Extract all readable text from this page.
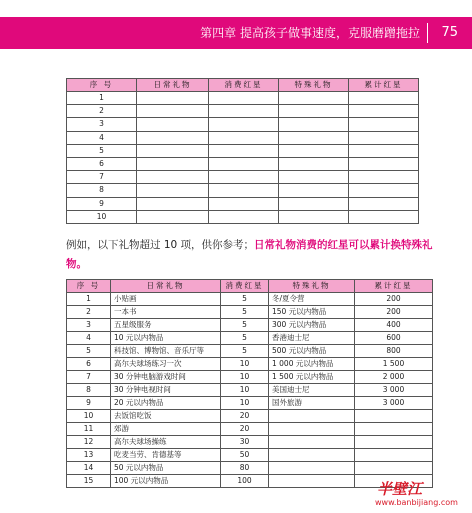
第四章 提高孩子做事速度，克服磨蹭拖拉 75
序 号	日常礼物	消费红星	特殊礼物	累计红星
1				
2				
3				
4				
5				
6				
7				
8				
9				
10				
例如，以下礼物超过 10 项，供你参考；日常礼物消费的红星可以累计换特殊礼物。
序 号	日常礼物	消费红星	特殊礼物	累计红星
1	小贴画	5	冬/夏令营	200
2	一本书	5	150 元以内物品	200
3	五星级服务	5	300 元以内物品	400
4	10 元以内物品	5	香港迪士尼	600
5	科技馆、博物馆、音乐厅等	5	500 元以内物品	800
6	高尔夫球场练习一次	10	1 000 元以内物品	1 500
7	30 分钟电脑游戏时间	10	1 500 元以内物品	2 000
8	30 分钟电视时间	10	美国迪士尼	3 000
9	20 元以内物品	10	国外旅游	3 000
10	去饭馆吃饭	20		
11	郊游	20		
12	高尔夫球场操练	30		
13	吃麦当劳、肯德基等	50		
14	50 元以内物品	80		
15	100 元以内物品	100			半壁江
www.banbijiang.com
